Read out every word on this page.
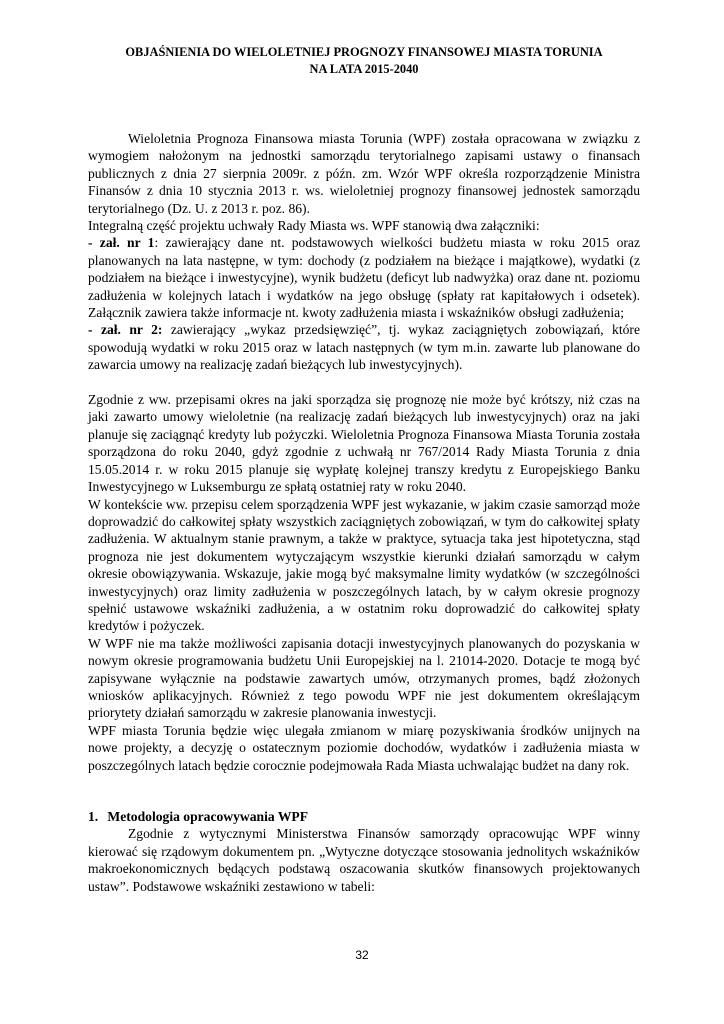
OBJAŚNIENIA DO WIELOLETNIEJ PROGNOZY FINANSOWEJ MIASTA TORUNIA
NA LATA 2015-2040

Wieloletnia Prognoza Finansowa miasta Torunia (WPF) została opracowana w związku z wymogiem nałożonym na jednostki samorządu terytorialnego zapisami ustawy o finansach publicznych z dnia 27 sierpnia 2009r. z późn. zm. Wzór WPF określa rozporządzenie Ministra Finansów z dnia 10 stycznia 2013 r. ws. wieloletniej prognozy finansowej jednostek samorządu terytorialnego (Dz. U. z 2013 r. poz. 86).

Integralną część projektu uchwały Rady Miasta ws. WPF stanowią dwa załączniki:

- zał. nr 1: zawierający dane nt. podstawowych wielkości budżetu miasta w roku 2015 oraz planowanych na lata następne, w tym: dochody (z podziałem na bieżące i majątkowe), wydatki (z podziałem na bieżące i inwestycyjne), wynik budżetu (deficyt lub nadwyżka) oraz dane nt. poziomu zadłużenia w kolejnych latach i wydatków na jego obsługę (spłaty rat kapitałowych i odsetek). Załącznik zawiera także informacje nt. kwoty zadłużenia miasta i wskaźników obsługi zadłużenia;

- zał. nr 2: zawierający „wykaz przedsięwzięć”, tj. wykaz zaciągniętych zobowiązań, które spowodują wydatki w roku 2015 oraz w latach następnych (w tym m.in. zawarte lub planowane do zawarcia umowy na realizację zadań bieżących lub inwestycyjnych).

Zgodnie z ww. przepisami okres na jaki sporządza się prognozę nie może być krótszy, niż czas na jaki zawarto umowy wieloletnie (na realizację zadań bieżących lub inwestycyjnych) oraz na jaki planuje się zaciągnąć kredyty lub pożyczki. Wieloletnia Prognoza Finansowa Miasta Torunia została sporządzona do roku 2040, gdyż zgodnie z uchwałą nr 767/2014 Rady Miasta Torunia z dnia 15.05.2014 r. w roku 2015 planuje się wypłatę kolejnej transzy kredytu z Europejskiego Banku Inwestycyjnego w Luksemburgu ze spłatą ostatniej raty w roku 2040.

W kontekście ww. przepisu celem sporządzenia WPF jest wykazanie, w jakim czasie samorząd może doprowadzić do całkowitej spłaty wszystkich zaciągniętych zobowiązań, w tym do całkowitej spłaty zadłużenia. W aktualnym stanie prawnym, a także w praktyce, sytuacja taka jest hipotetyczna, stąd prognoza nie jest dokumentem wytyczającym wszystkie kierunki działań samorządu w całym okresie obowiązywania. Wskazuje, jakie mogą być maksymalne limity wydatków (w szczególności inwestycyjnych) oraz limity zadłużenia w poszczególnych latach, by w całym okresie prognozy spełnić ustawowe wskaźniki zadłużenia, a w ostatnim roku doprowadzić do całkowitej spłaty kredytów i pożyczek.

W WPF nie ma także możliwości zapisania dotacji inwestycyjnych planowanych do pozyskania w nowym okresie programowania budżetu Unii Europejskiej na l. 21014-2020. Dotacje te mogą być zapisywane wyłącznie na podstawie zawartych umów, otrzymanych promes, bądź złożonych wniosków aplikacyjnych. Również z tego powodu WPF nie jest dokumentem określającym priorytety działań samorządu w zakresie planowania inwestycji.

WPF miasta Torunia będzie więc ulegała zmianom w miarę pozyskiwania środków unijnych na nowe projekty, a decyzję o ostatecznym poziomie dochodów, wydatków i zadłużenia miasta w poszczególnych latach będzie corocznie podejmowała Rada Miasta uchwalając budżet na dany rok.

1. Metodologia opracowywania WPF

Zgodnie z wytycznymi Ministerstwa Finansów samorządy opracowując WPF winny kierować się rządowym dokumentem pn. „Wytyczne dotyczące stosowania jednolitych wskaźników makroekonomicznych będących podstawą oszacowania skutków finansowych projektowanych ustaw”. Podstawowe wskaźniki zestawiono w tabeli:

32
